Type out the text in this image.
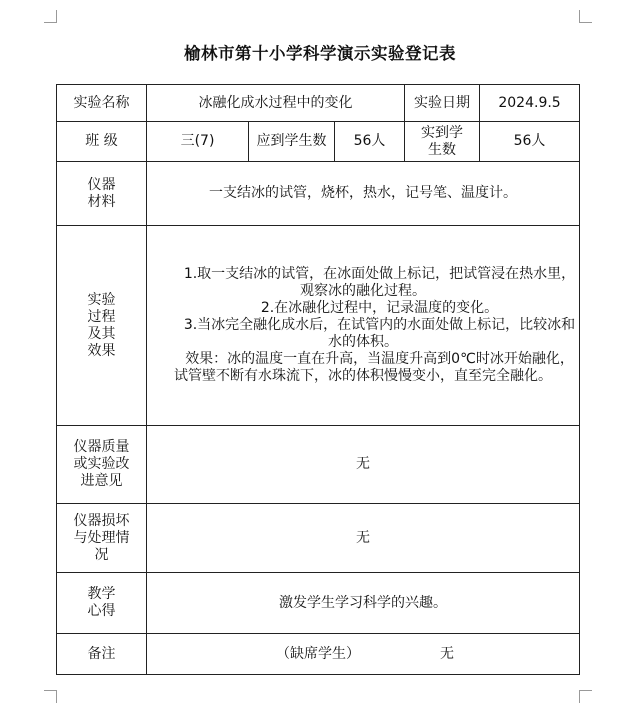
榆林市第十小学科学演示实验登记表
实验名称	冰融化成水过程中的变化			实验日期	2024.9.5
班 级	三(7)	应到学生数	56人	实到学生数	56人
仪器材料	一支结冰的试管，烧杯，热水，记号笔、温度计。				
实验过程及其效果	1.取一支结冰的试管，在冰面处做上标记，把试管浸在热水里，观察冰的融化过程。
2.在冰融化过程中，记录温度的变化。
3.当冰完全融化成水后，在试管内的水面处做上标记，比较冰和水的体积。
效果：冰的温度一直在升高，当温度升高到0℃时冰开始融化，试管壁不断有水珠流下，冰的体积慢慢变小，直至完全融化。				

仪器质量或实验改进意见	无				
仪器损坏与处理情况	无				
教学心得	激发学生学习科学的兴趣。				
备注	（缺席学生） 无				
